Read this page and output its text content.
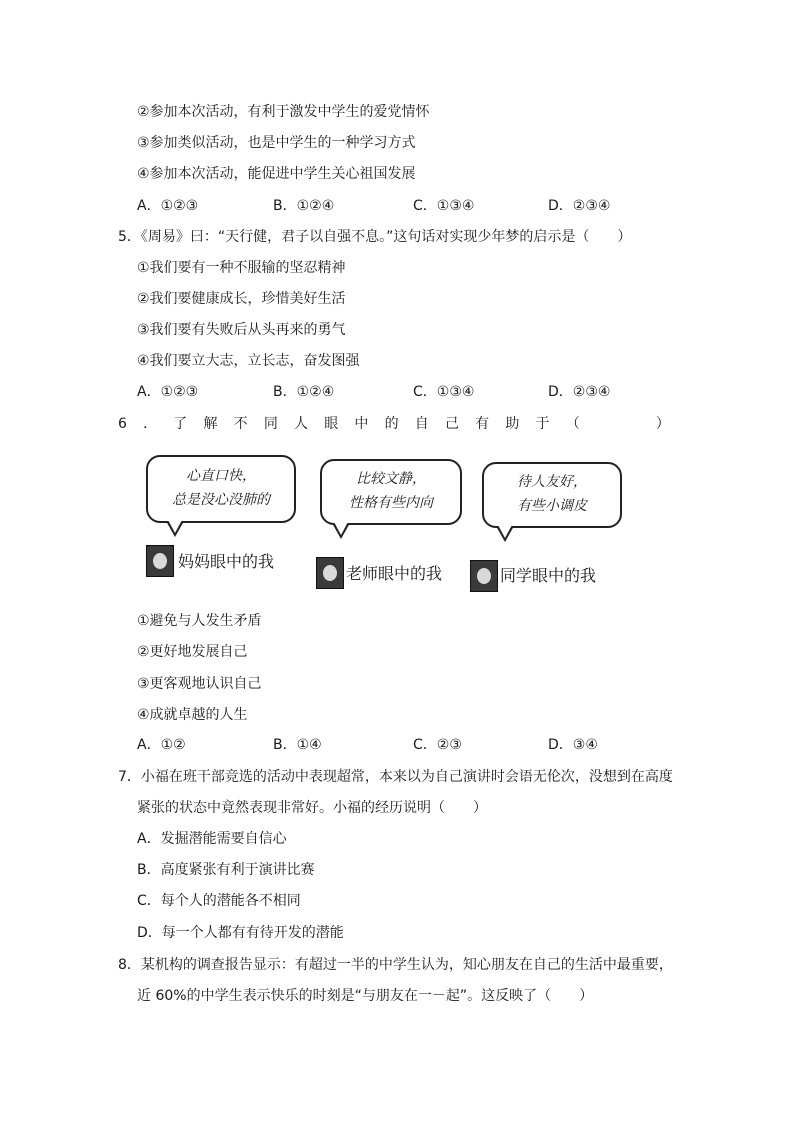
②参加本次活动，有利于激发中学生的爱党情怀
③参加类似活动，也是中学生的一种学习方式
④参加本次活动，能促进中学生关心祖国发展
A．①②③	B．①②④	C．①③④	D．②③④
5．《周易》曰：“天行健，君子以自强不息。”这句话对实现少年梦的启示是（　　）
①我们要有一种不服输的坚忍精神
②我们要健康成长，珍惜美好生活
③我们要有失败后从头再来的勇气
④我们要立大志，立长志，奋发图强
A．①②③	B．①②④	C．①③④	D．②③④
6 ． 了 解 不 同 人 眼 中 的 自 己 有 助 于 （	）
心直口快，
总是没心没肺的
妈妈眼中的我
比较文静，
性格有些内向
老师眼中的我
待人友好，
有些小调皮
同学眼中的我
①避免与人发生矛盾
②更好地发展自己
③更客观地认识自己
④成就卓越的人生
A．①②	B．①④	C．②③	D．③④
7．小福在班干部竞选的活动中表现超常，本来以为自己演讲时会语无伦次，没想到在高度
紧张的状态中竟然表现非常好。小福的经历说明（　　）
A．发掘潜能需要自信心
B．高度紧张有利于演讲比赛
C．每个人的潜能各不相同
D．每一个人都有有待开发的潜能
8．某机构的调查报告显示：有超过一半的中学生认为，知心朋友在自己的生活中最重要，
近 60%的中学生表示快乐的时刻是“与朋友在一－起”。这反映了（　　）
